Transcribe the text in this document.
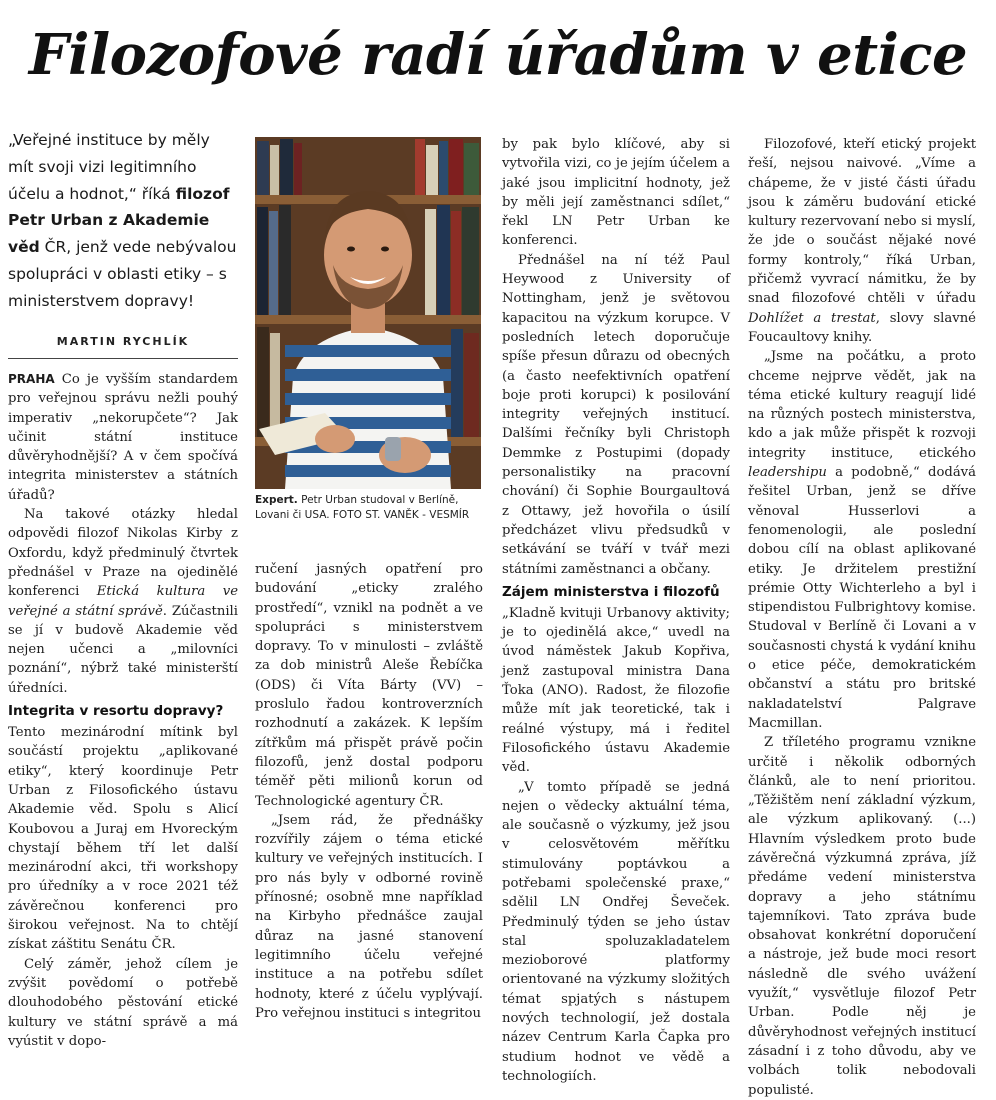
Filozofové radí úřadům v etice
„Veřejné instituce by měly mít svoji vizi legitimního účelu a hodnot,“ říká filozof Petr Urban z Akademie věd ČR, jenž vede nebývalou spolupráci v oblasti etiky – s ministerstvem dopravy!
MARTIN RYCHLÍK

PRAHA Co je vyšším standardem pro veřejnou správu nežli pouhý imperativ „nekorupčete“? Jak učinit státní instituce důvěryhodnější? A v čem spočívá integrita ministerstev a státních úřadů?

Na takové otázky hledal odpovědi filozof Nikolas Kirby z Oxfordu, když předminulý čtvrtek přednášel v Praze na ojedinělé konferenci Etická kultura ve veřejné a státní správě. Zúčastnili se jí v budově Akademie věd nejen učenci a „milovníci poznání“, nýbrž také ministerští úředníci.

Integrita v resortu dopravy?

Tento mezinárodní mítink byl součástí projektu „aplikované etiky“, který koordinuje Petr Urban z Filosofického ústavu Akademie věd. Spolu s Alicí Koubovou a Juraj em Hvoreckým chystají během tří let další mezinárodní akci, tři workshopy pro úředníky a v roce 2021 též závěrečnou konferenci pro širokou veřejnost. Na to chtějí získat záštitu Senátu ČR.

Celý záměr, jehož cílem je zvýšit povědomí o potřebě dlouhodobého pěstování etické kultury ve státní správě a má vyústit v dopo-

Expert. Petr Urban studoval v Berlíně, Lovani či USA. FOTO ST. VANĚK - VESMÍR

ručení jasných opatření pro budování „eticky zralého prostředí“, vznikl na podnět a ve spolupráci s ministerstvem dopravy. To v minulosti – zvláště za dob ministrů Aleše Řebíčka (ODS) či Víta Bárty (VV) – proslulo řadou kontroverzních rozhodnutí a zakázek. K lepším zítřkům má přispět právě počin filozofů, jenž dostal podporu téměř pěti milionů korun od Technologické agentury ČR.

„Jsem rád, že přednášky rozvířily zájem o téma etické kultury ve veřejných institucích. I pro nás byly v odborné rovině přínosné; osobně mne například na Kirbyho přednášce zaujal důraz na jasné stanovení legitimního účelu veřejné instituce a na potřebu sdílet hodnoty, které z účelu vyplývají. Pro veřejnou instituci s integritou

by pak bylo klíčové, aby si vytvořila vizi, co je jejím účelem a jaké jsou implicitní hodnoty, jež by měli její zaměstnanci sdílet,“ řekl LN Petr Urban ke konferenci.

Přednášel na ní též Paul Heywood z University of Nottingham, jenž je světovou kapacitou na výzkum korupce. V posledních letech doporučuje spíše přesun důrazu od obecných (a často neefektivních opatření boje proti korupci) k posilování integrity veřejných institucí. Dalšími řečníky byli Christoph Demmke z Postupimi (dopady personalistiky na pracovní chování) či Sophie Bourgaultová z Ottawy, jež hovořila o úsilí předcházet vlivu předsudků v setkávání se tváří v tvář mezi státními zaměstnanci a občany.

Zájem ministerstva i filozofů

„Kladně kvituji Urbanovy aktivity; je to ojedinělá akce,“ uvedl na úvod náměstek Jakub Kopřiva, jenž zastupoval ministra Dana Ťoka (ANO). Radost, že filozofie může mít jak teoretické, tak i reálné výstupy, má i ředitel Filosofického ústavu Akademie věd.

„V tomto případě se jedná nejen o vědecky aktuální téma, ale současně o výzkumy, jež jsou v celosvětovém měřítku stimulovány poptávkou a potřebami společenské praxe,“ sdělil LN Ondřej Ševeček. Předminulý týden se jeho ústav stal spoluzakladatelem mezioborové platformy orientované na výzkumy složitých témat spjatých s nástupem nových technologií, jež dostala název Centrum Karla Čapka pro studium hodnot ve vědě a technologiích.

Filozofové, kteří etický projekt řeší, nejsou naivové. „Víme a chápeme, že v jisté části úřadu jsou k záměru budování etické kultury rezervovaní nebo si myslí, že jde o součást nějaké nové formy kontroly,“ říká Urban, přičemž vyvrací námitku, že by snad filozofové chtěli v úřadu Dohlížet a trestat, slovy slavné Foucaultovy knihy.

„Jsme na počátku, a proto chceme nejprve vědět, jak na téma etické kultury reagují lidé na různých postech ministerstva, kdo a jak může přispět k rozvoji integrity instituce, etického leadershipu a podobně,“ dodává řešitel Urban, jenž se dříve věnoval Husserlovi a fenomenologii, ale poslední dobou cílí na oblast aplikované etiky. Je držitelem prestižní prémie Otty Wichterleho a byl i stipendistou Fulbrightovy komise. Studoval v Berlíně či Lovani a v současnosti chystá k vydání knihu o etice péče, demokratickém občanství a státu pro britské nakladatelství Palgrave Macmillan.

Z tříletého programu vznikne určitě i několik odborných článků, ale to není prioritou. „Těžištěm není základní výzkum, ale výzkum aplikovaný. (...) Hlavním výsledkem proto bude závěrečná výzkumná zpráva, jíž předáme vedení ministerstva dopravy a jeho státnímu tajemníkovi. Tato zpráva bude obsahovat konkrétní doporučení a nástroje, jež bude moci resort následně dle svého uvážení využít,“ vysvětluje filozof Petr Urban. Podle něj je důvěryhodnost veřejných institucí zásadní i z toho důvodu, aby ve volbách tolik nebodovali populisté.
